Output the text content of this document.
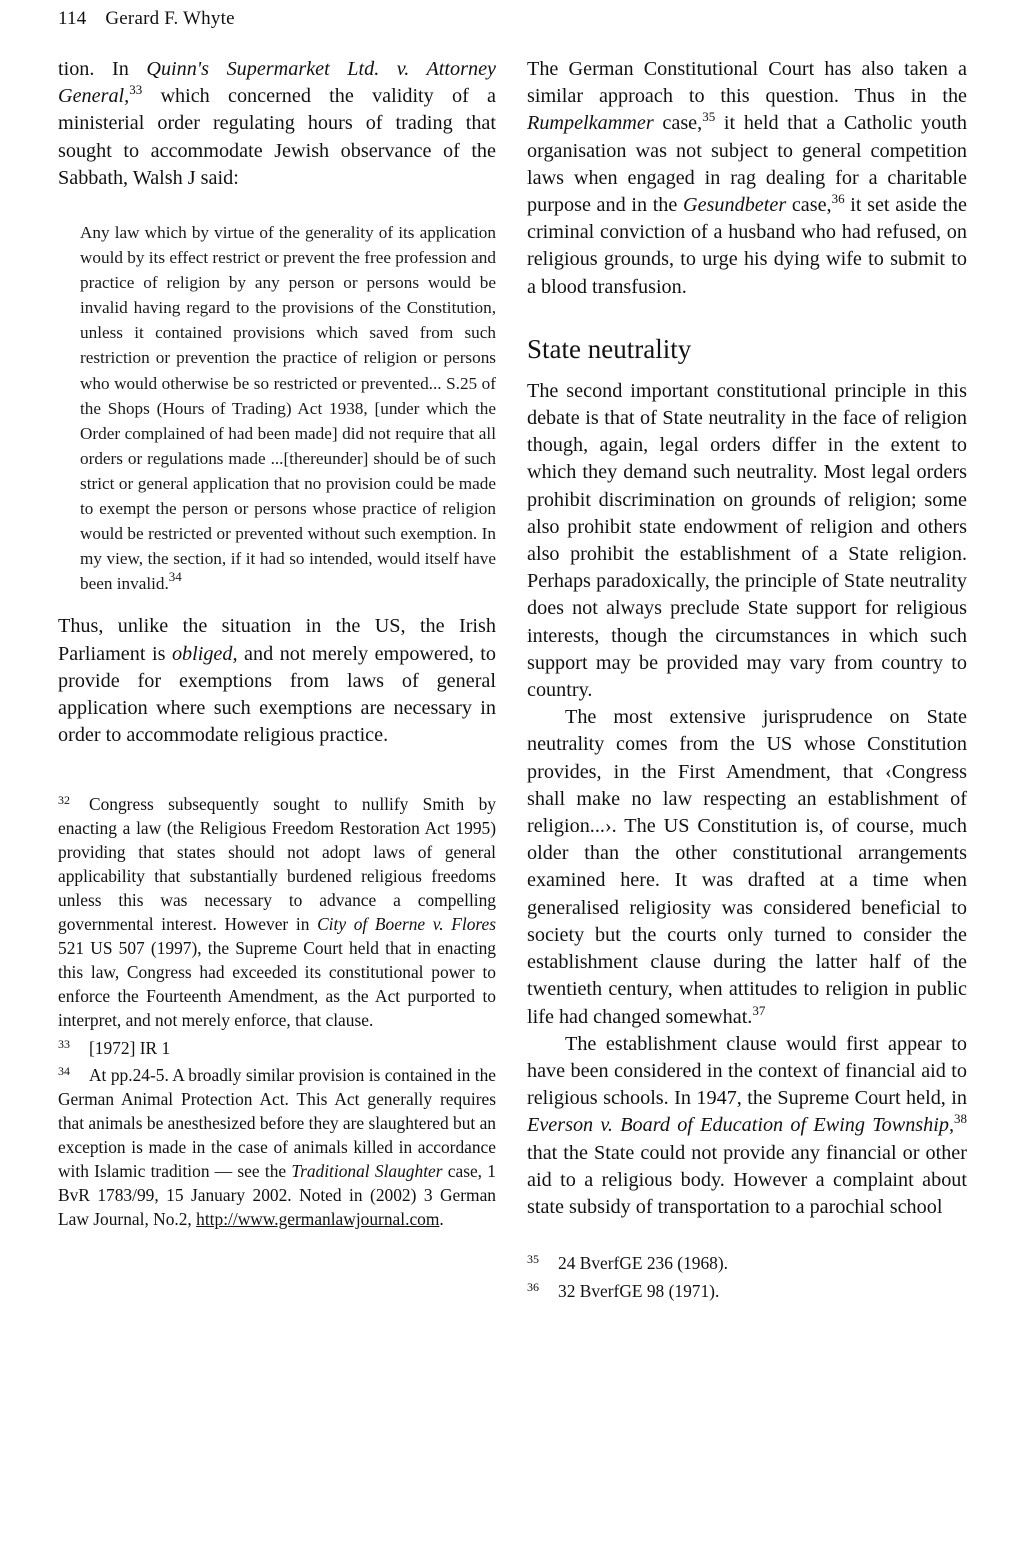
114 Gerard F. Whyte

tion. In Quinn's Supermarket Ltd. v. Attorney General,$^{33}$ which concerned the validity of a ministerial order regulating hours of trading that sought to accommodate Jewish observance of the Sabbath, Walsh J said:

Any law which by virtue of the generality of its application would by its effect restrict or prevent the free profession and practice of religion by any person or persons would be invalid having regard to the provisions of the Constitution, unless it contained provisions which saved from such restriction or prevention the practice of religion or persons who would otherwise be so restricted or prevented... S.25 of the Shops (Hours of Trading) Act 1938, [under which the Order complained of had been made] did not require that all orders or regulations made ...[thereunder] should be of such strict or general application that no provision could be made to exempt the person or persons whose practice of religion would be restricted or prevented without such exemption. In my view, the section, if it had so intended, would itself have been invalid.$^{34}$

Thus, unlike the situation in the US, the Irish Parliament is obliged, and not merely empowered, to provide for exemptions from laws of general application where such exemptions are necessary in order to accommodate religious practice.

32 Congress subsequently sought to nullify Smith by enacting a law (the Religious Freedom Restoration Act 1995) providing that states should not adopt laws of general applicability that substantially burdened religious freedoms unless this was necessary to advance a compelling governmental interest. However in City of Boerne v. Flores 521 US 507 (1997), the Supreme Court held that in enacting this law, Congress had exceeded its constitutional power to enforce the Fourteenth Amendment, as the Act purported to interpret, and not merely enforce, that clause.

33 [1972] IR 1

34 At pp.24-5. A broadly similar provision is contained in the German Animal Protection Act. This Act generally requires that animals be anesthesized before they are slaughtered but an exception is made in the case of animals killed in accordance with Islamic tradition — see the Traditional Slaughter case, 1 BvR 1783/99, 15 January 2002. Noted in (2002) 3 German Law Journal, No.2, http://www.germanlawjournal.com.

The German Constitutional Court has also taken a similar approach to this question. Thus in the Rumpelkammer case,$^{35}$ it held that a Catholic youth organisation was not subject to general competition laws when engaged in rag dealing for a charitable purpose and in the Gesundbeter case,$^{36}$ it set aside the criminal conviction of a husband who had refused, on religious grounds, to urge his dying wife to submit to a blood transfusion.

State neutrality

The second important constitutional principle in this debate is that of State neutrality in the face of religion though, again, legal orders differ in the extent to which they demand such neutrality. Most legal orders prohibit discrimination on grounds of religion; some also prohibit state endowment of religion and others also prohibit the establishment of a State religion. Perhaps paradoxically, the principle of State neutrality does not always preclude State support for religious interests, though the circumstances in which such support may be provided may vary from country to country.

The most extensive jurisprudence on State neutrality comes from the US whose Constitution provides, in the First Amendment, that ‹Congress shall make no law respecting an establishment of religion...›. The US Constitution is, of course, much older than the other constitutional arrangements examined here. It was drafted at a time when generalised religiosity was considered beneficial to society but the courts only turned to consider the establishment clause during the latter half of the twentieth century, when attitudes to religion in public life had changed somewhat.$^{37}$

The establishment clause would first appear to have been considered in the context of financial aid to religious schools. In 1947, the Supreme Court held, in Everson v. Board of Education of Ewing Township,$^{38}$ that the State could not provide any financial or other aid to a religious body. However a complaint about state subsidy of transportation to a parochial school

35 24 BverfGE 236 (1968).

36 32 BverfGE 98 (1971).
